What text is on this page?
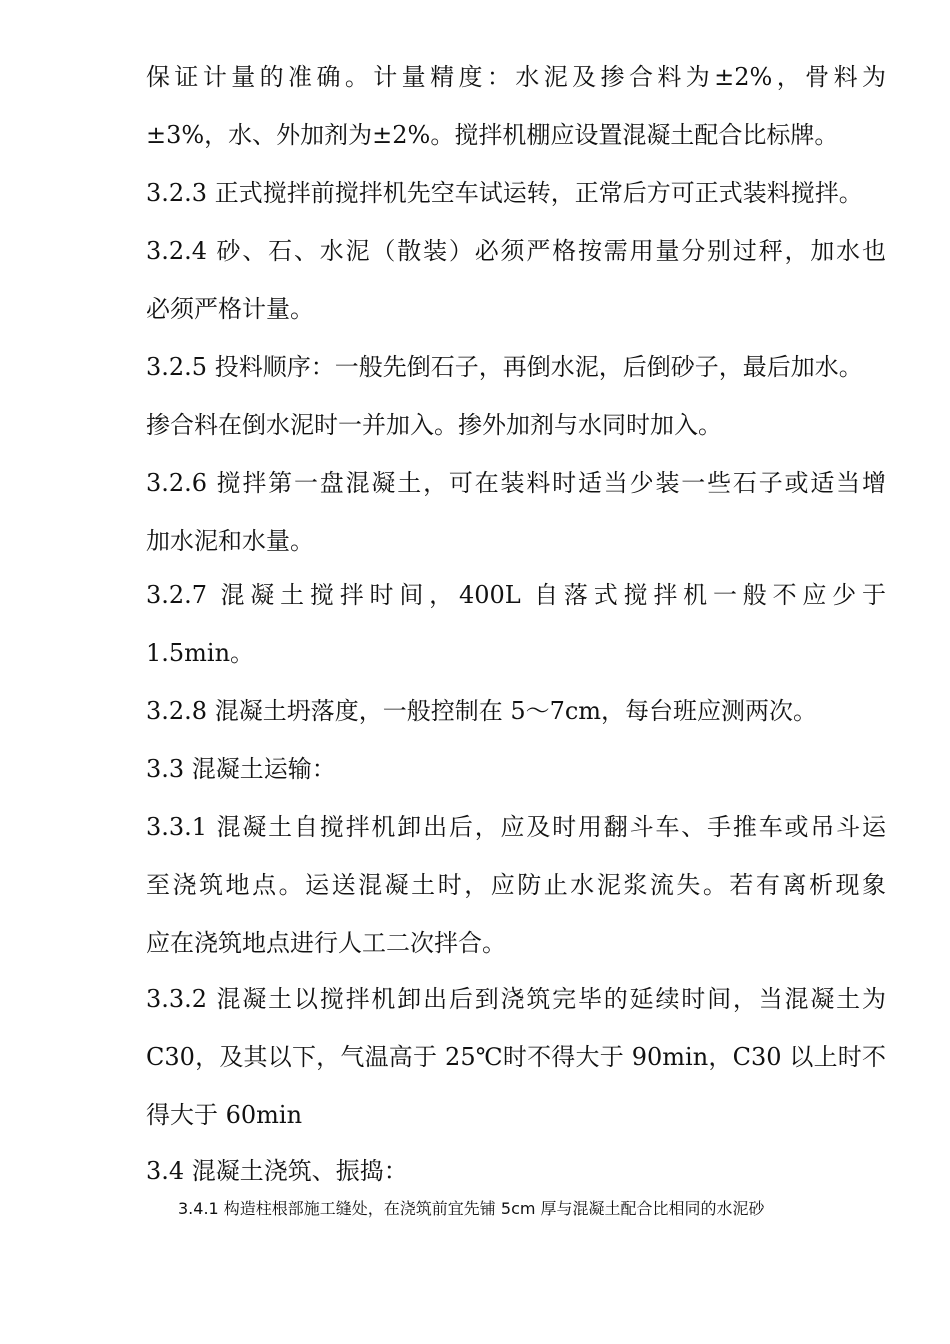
保证计量的准确。计量精度：水泥及掺合料为±2%，骨料为
±3%，水、外加剂为±2%。搅拌机棚应设置混凝土配合比标牌。
3.2.3 正式搅拌前搅拌机先空车试运转，正常后方可正式装料搅拌。
3.2.4 砂、石、水泥（散装）必须严格按需用量分别过秤，加水也
必须严格计量。
3.2.5 投料顺序：一般先倒石子，再倒水泥，后倒砂子，最后加水。
掺合料在倒水泥时一并加入。掺外加剂与水同时加入。
3.2.6 搅拌第一盘混凝土，可在装料时适当少装一些石子或适当增
加水泥和水量。
3.2.7 混凝土搅拌时间，400L 自落式搅拌机一般不应少于
1.5min。
3.2.8 混凝土坍落度，一般控制在 5～7cm，每台班应测两次。
3.3 混凝土运输：
3.3.1 混凝土自搅拌机卸出后，应及时用翻斗车、手推车或吊斗运
至浇筑地点。运送混凝土时，应防止水泥浆流失。若有离析现象
应在浇筑地点进行人工二次拌合。
3.3.2 混凝土以搅拌机卸出后到浇筑完毕的延续时间，当混凝土为
C30，及其以下，气温高于 25℃时不得大于 90min，C30 以上时不
得大于 60min
3.4 混凝土浇筑、振捣：
3.4.1 构造柱根部施工缝处，在浇筑前宜先铺 5cm 厚与混凝土配合比相同的水泥砂
